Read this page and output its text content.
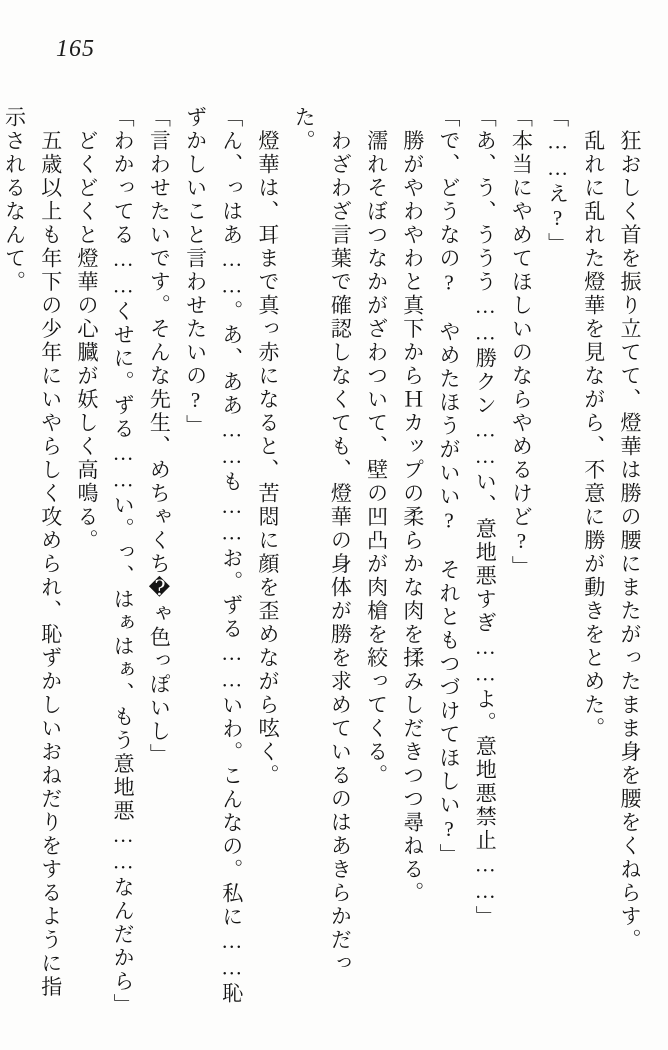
165

　狂おしく首を振り立てて、燈華は勝の腰にまたがったまま身を腰をくねらす。

　乱れに乱れた燈華を見ながら、不意に勝が動きをとめた。

「……え?」

「本当にやめてほしいのならやめるけど?」

「あ、う、ううう……勝クン……い、意地悪すぎ……よ。意地悪禁止……」

「で、どうなの?　やめたほうがいい?　それともつづけてほしい?」

　勝がやわやわと真下からＨカップの柔らかな肉を揉みしだきつつ尋ねる。

　濡れそぼつなかがざわついて、壁の凹凸が肉槍を絞ってくる。

　わざわざ言葉で確認しなくても、燈華の身体が勝を求めているのはあきらかだった。

　燈華は、耳まで真っ赤になると、苦悶に顔を歪めながら呟く。

「ん、っはあ……。あ、ああ……も……お。ずる……いわ。こんなの。私に……恥ずかしいこと言わせたいの?」

「言わせたいです。そんな先生、めちゃくち�ゃ色っぽいし」

「わかってる……くせに。ずる……い。っ、はぁはぁ、もう意地悪……なんだから」

　どくどくと燈華の心臓が妖しく高鳴る。

　五歳以上も年下の少年にいやらしく攻められ、恥ずかしいおねだりをするように指示されるなんて。
